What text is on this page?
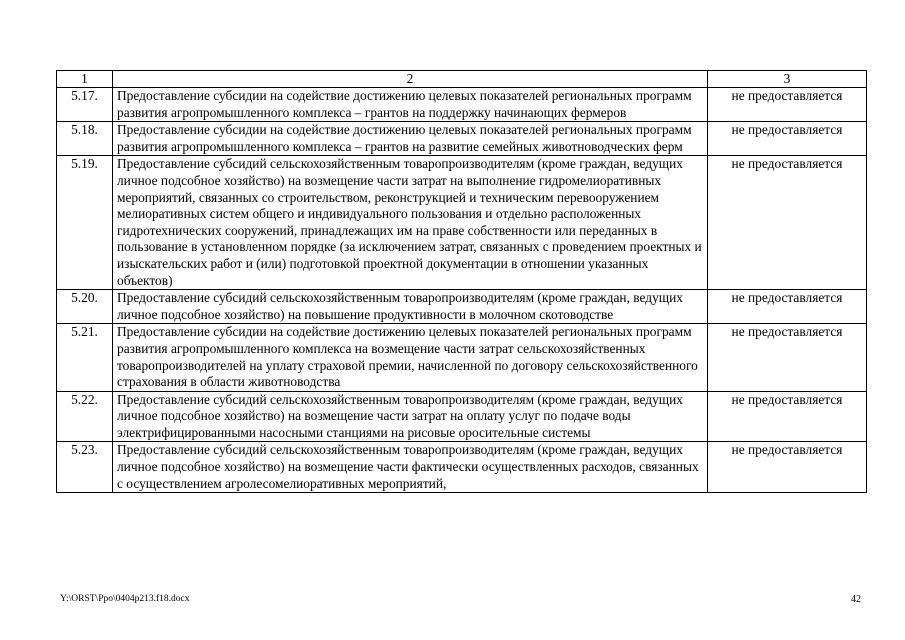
1	2	3
5.17.	Предоставление субсидии на содействие достижению целевых показателей региональных программ развития агропромышленного комплекса – грантов на поддержку начинающих фермеров	не предоставляется
5.18.	Предоставление субсидии на содействие достижению целевых показателей региональных программ развития агропромышленного комплекса – грантов на развитие семейных животноводческих ферм	не предоставляется
5.19.	Предоставление субсидий сельскохозяйственным товаропроизводителям (кроме граждан, ведущих личное подсобное хозяйство) на возмещение части затрат на выполнение гидромелиоративных мероприятий, связанных со строительством, реконструкцией и техническим перевооружением мелиоративных систем общего и индивидуального пользования и отдельно расположенных гидротехнических сооружений, принадлежащих им на праве собственности или переданных в пользование в установленном порядке (за исключением затрат, связанных с проведением проектных и изыскательских работ и (или) подготовкой проектной документации в отношении указанных объектов)	не предоставляется
5.20.	Предоставление субсидий сельскохозяйственным товаропроизводителям (кроме граждан, ведущих личное подсобное хозяйство) на повышение продуктивности в молочном скотоводстве	не предоставляется
5.21.	Предоставление субсидии на содействие достижению целевых показателей региональных программ развития агропромышленного комплекса на возмещение части затрат сельскохозяйственных товаропроизводителей на уплату страховой премии, начисленной по договору сельскохозяйственного страхования в области животноводства	не предоставляется
5.22.	Предоставление субсидий сельскохозяйственным товаропроизводителям (кроме граждан, ведущих личное подсобное хозяйство) на возмещение части затрат на оплату услуг по подаче воды электрифицированными насосными станциями на рисовые оросительные системы	не предоставляется
5.23.	Предоставление субсидий сельскохозяйственным товаропроизводителям (кроме граждан, ведущих личное подсобное хозяйство) на возмещение части фактически осуществленных расходов, связанных с осуществлением агролесомелиоративных мероприятий,	не предоставляется
Y:\ORST\Ppo\0404p213.f18.docx	42
